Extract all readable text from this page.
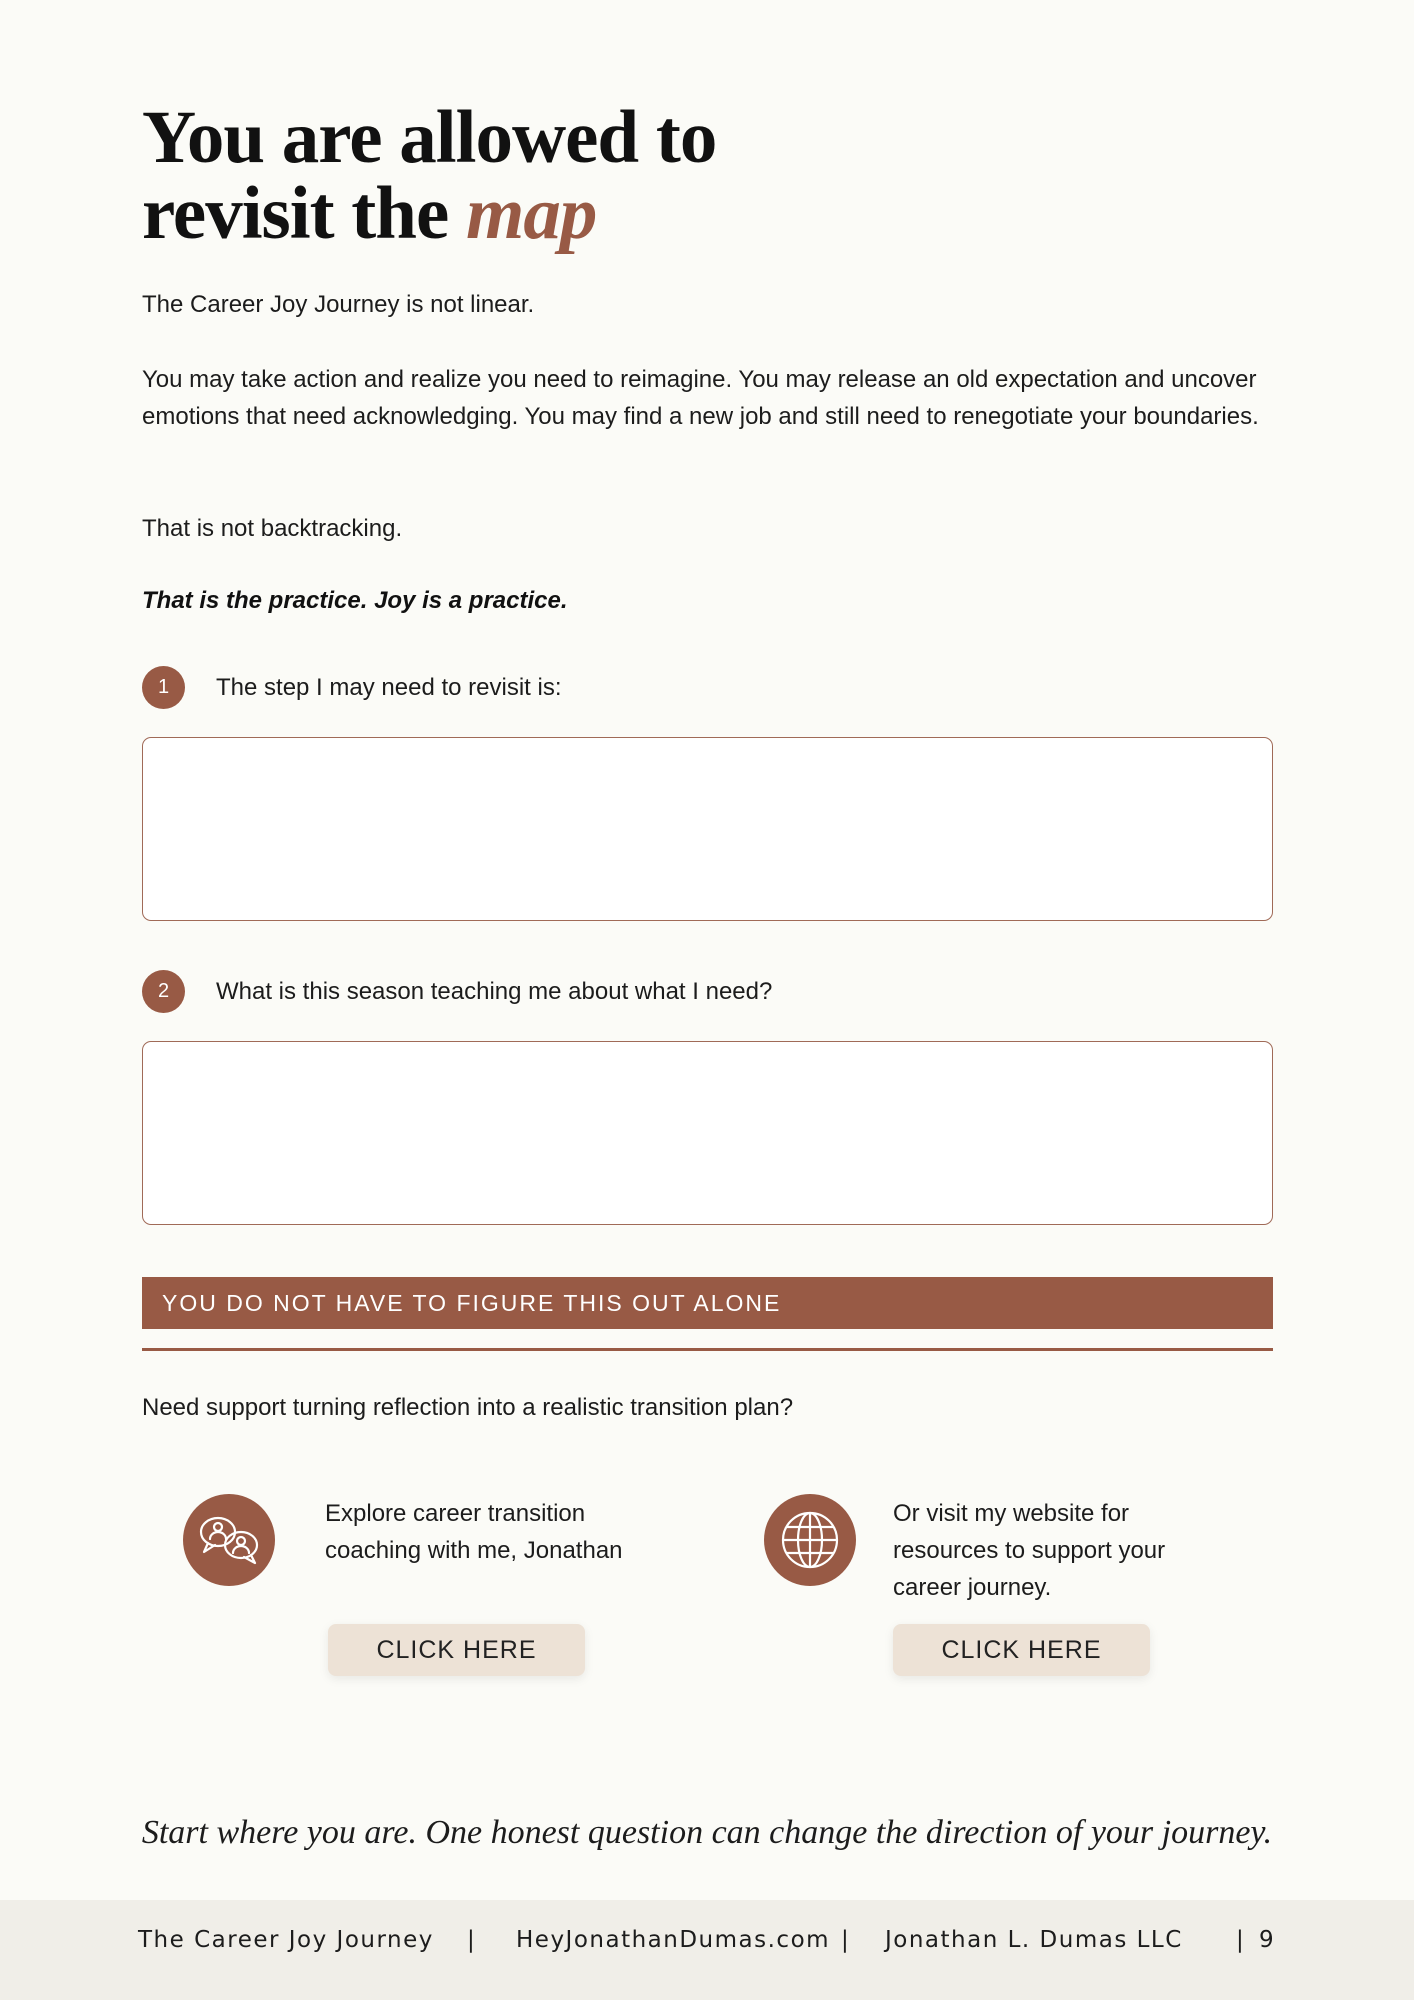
You are allowed to
revisit the map

The Career Joy Journey is not linear.

You may take action and realize you need to reimagine. You may release an old expectation and uncover emotions that need acknowledging. You may find a new job and still need to renegotiate your boundaries.

That is not backtracking.

That is the practice. Joy is a practice.

1	The step I may need to revisit is:
2	What is this season teaching me about what I need?
YOU DO NOT HAVE TO FIGURE THIS OUT ALONE

Need support turning reflection into a realistic transition plan?

Explore career transition coaching with me, Jonathan
CLICK HERE
Or visit my website for resources to support your career journey.
CLICK HERE

Start where you are. One honest question can change the direction of your journey.

The Career Joy Journey | HeyJonathanDumas.com | Jonathan L. Dumas LLC | 9
